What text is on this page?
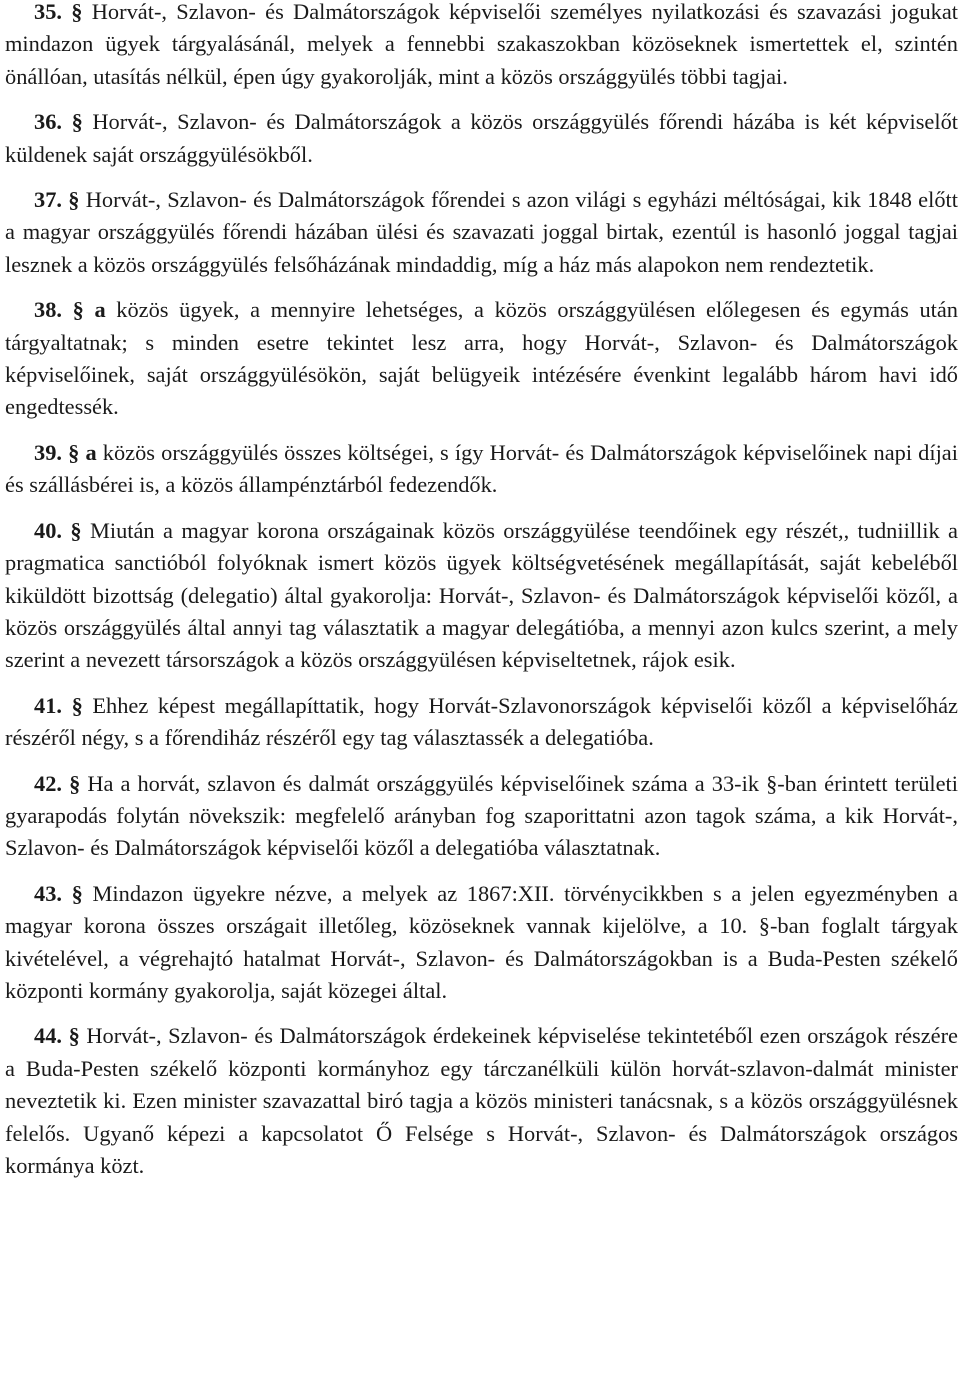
35. § Horvát-, Szlavon- és Dalmátországok képviselői személyes nyilatkozási és szavazási jogukat mindazon ügyek tárgyalásánál, melyek a fennebbi szakaszokban közöseknek ismertettek el, szintén önállóan, utasítás nélkül, épen úgy gyakorolják, mint a közös országgyülés többi tagjai.

36. § Horvát-, Szlavon- és Dalmátországok a közös országgyülés főrendi házába is két képviselőt küldenek saját országgyülésökből.

37. § Horvát-, Szlavon- és Dalmátországok főrendei s azon világi s egyházi méltóságai, kik 1848 előtt a magyar országgyülés főrendi házában ülési és szavazati joggal birtak, ezentúl is hasonló joggal tagjai lesznek a közös országgyülés felsőházának mindaddig, míg a ház más alapokon nem rendeztetik.

38. § a közös ügyek, a mennyire lehetséges, a közös országgyülésen előlegesen és egymás után tárgyaltatnak; s minden esetre tekintet lesz arra, hogy Horvát-, Szlavon- és Dalmátországok képviselőinek, saját országgyülésökön, saját belügyeik intézésére évenkint legalább három havi idő engedtessék.

39. § a közös országgyülés összes költségei, s így Horvát- és Dalmátországok képviselőinek napi díjai és szállásbérei is, a közös állampénztárból fedezendők.

40. § Miután a magyar korona országainak közös országgyülése teendőinek egy részét,, tudniillik a pragmatica sanctióból folyóknak ismert közös ügyek költségvetésének megállapítását, saját kebeléből kiküldött bizottság (delegatio) által gyakorolja: Horvát-, Szlavon- és Dalmátországok képviselői közől, a közös országgyülés által annyi tag választatik a magyar delegátióba, a mennyi azon kulcs szerint, a mely szerint a nevezett társországok a közös országgyülésen képviseltetnek, rájok esik.

41. § Ehhez képest megállapíttatik, hogy Horvát-Szlavonországok képviselői közől a képviselőház részéről négy, s a főrendiház részéről egy tag választassék a delegatióba.

42. § Ha a horvát, szlavon és dalmát országgyülés képviselőinek száma a 33-ik §-ban érintett területi gyarapodás folytán növekszik: megfelelő arányban fog szaporittatni azon tagok száma, a kik Horvát-, Szlavon- és Dalmátországok képviselői közől a delegatióba választatnak.

43. § Mindazon ügyekre nézve, a melyek az 1867:XII. törvénycikkben s a jelen egyezményben a magyar korona összes országait illetőleg, közöseknek vannak kijelölve, a 10. §-ban foglalt tárgyak kivételével, a végrehajtó hatalmat Horvát-, Szlavon- és Dalmátországokban is a Buda-Pesten székelő központi kormány gyakorolja, saját közegei által.

44. § Horvát-, Szlavon- és Dalmátországok érdekeinek képviselése tekintetéből ezen országok részére a Buda-Pesten székelő központi kormányhoz egy tárczanélküli külön horvát-szlavon-dalmát minister neveztetik ki. Ezen minister szavazattal biró tagja a közös ministeri tanácsnak, s a közös országgyülésnek felelős. Ugyanő képezi a kapcsolatot Ő Felsége s Horvát-, Szlavon- és Dalmátországok országos kormánya közt.
